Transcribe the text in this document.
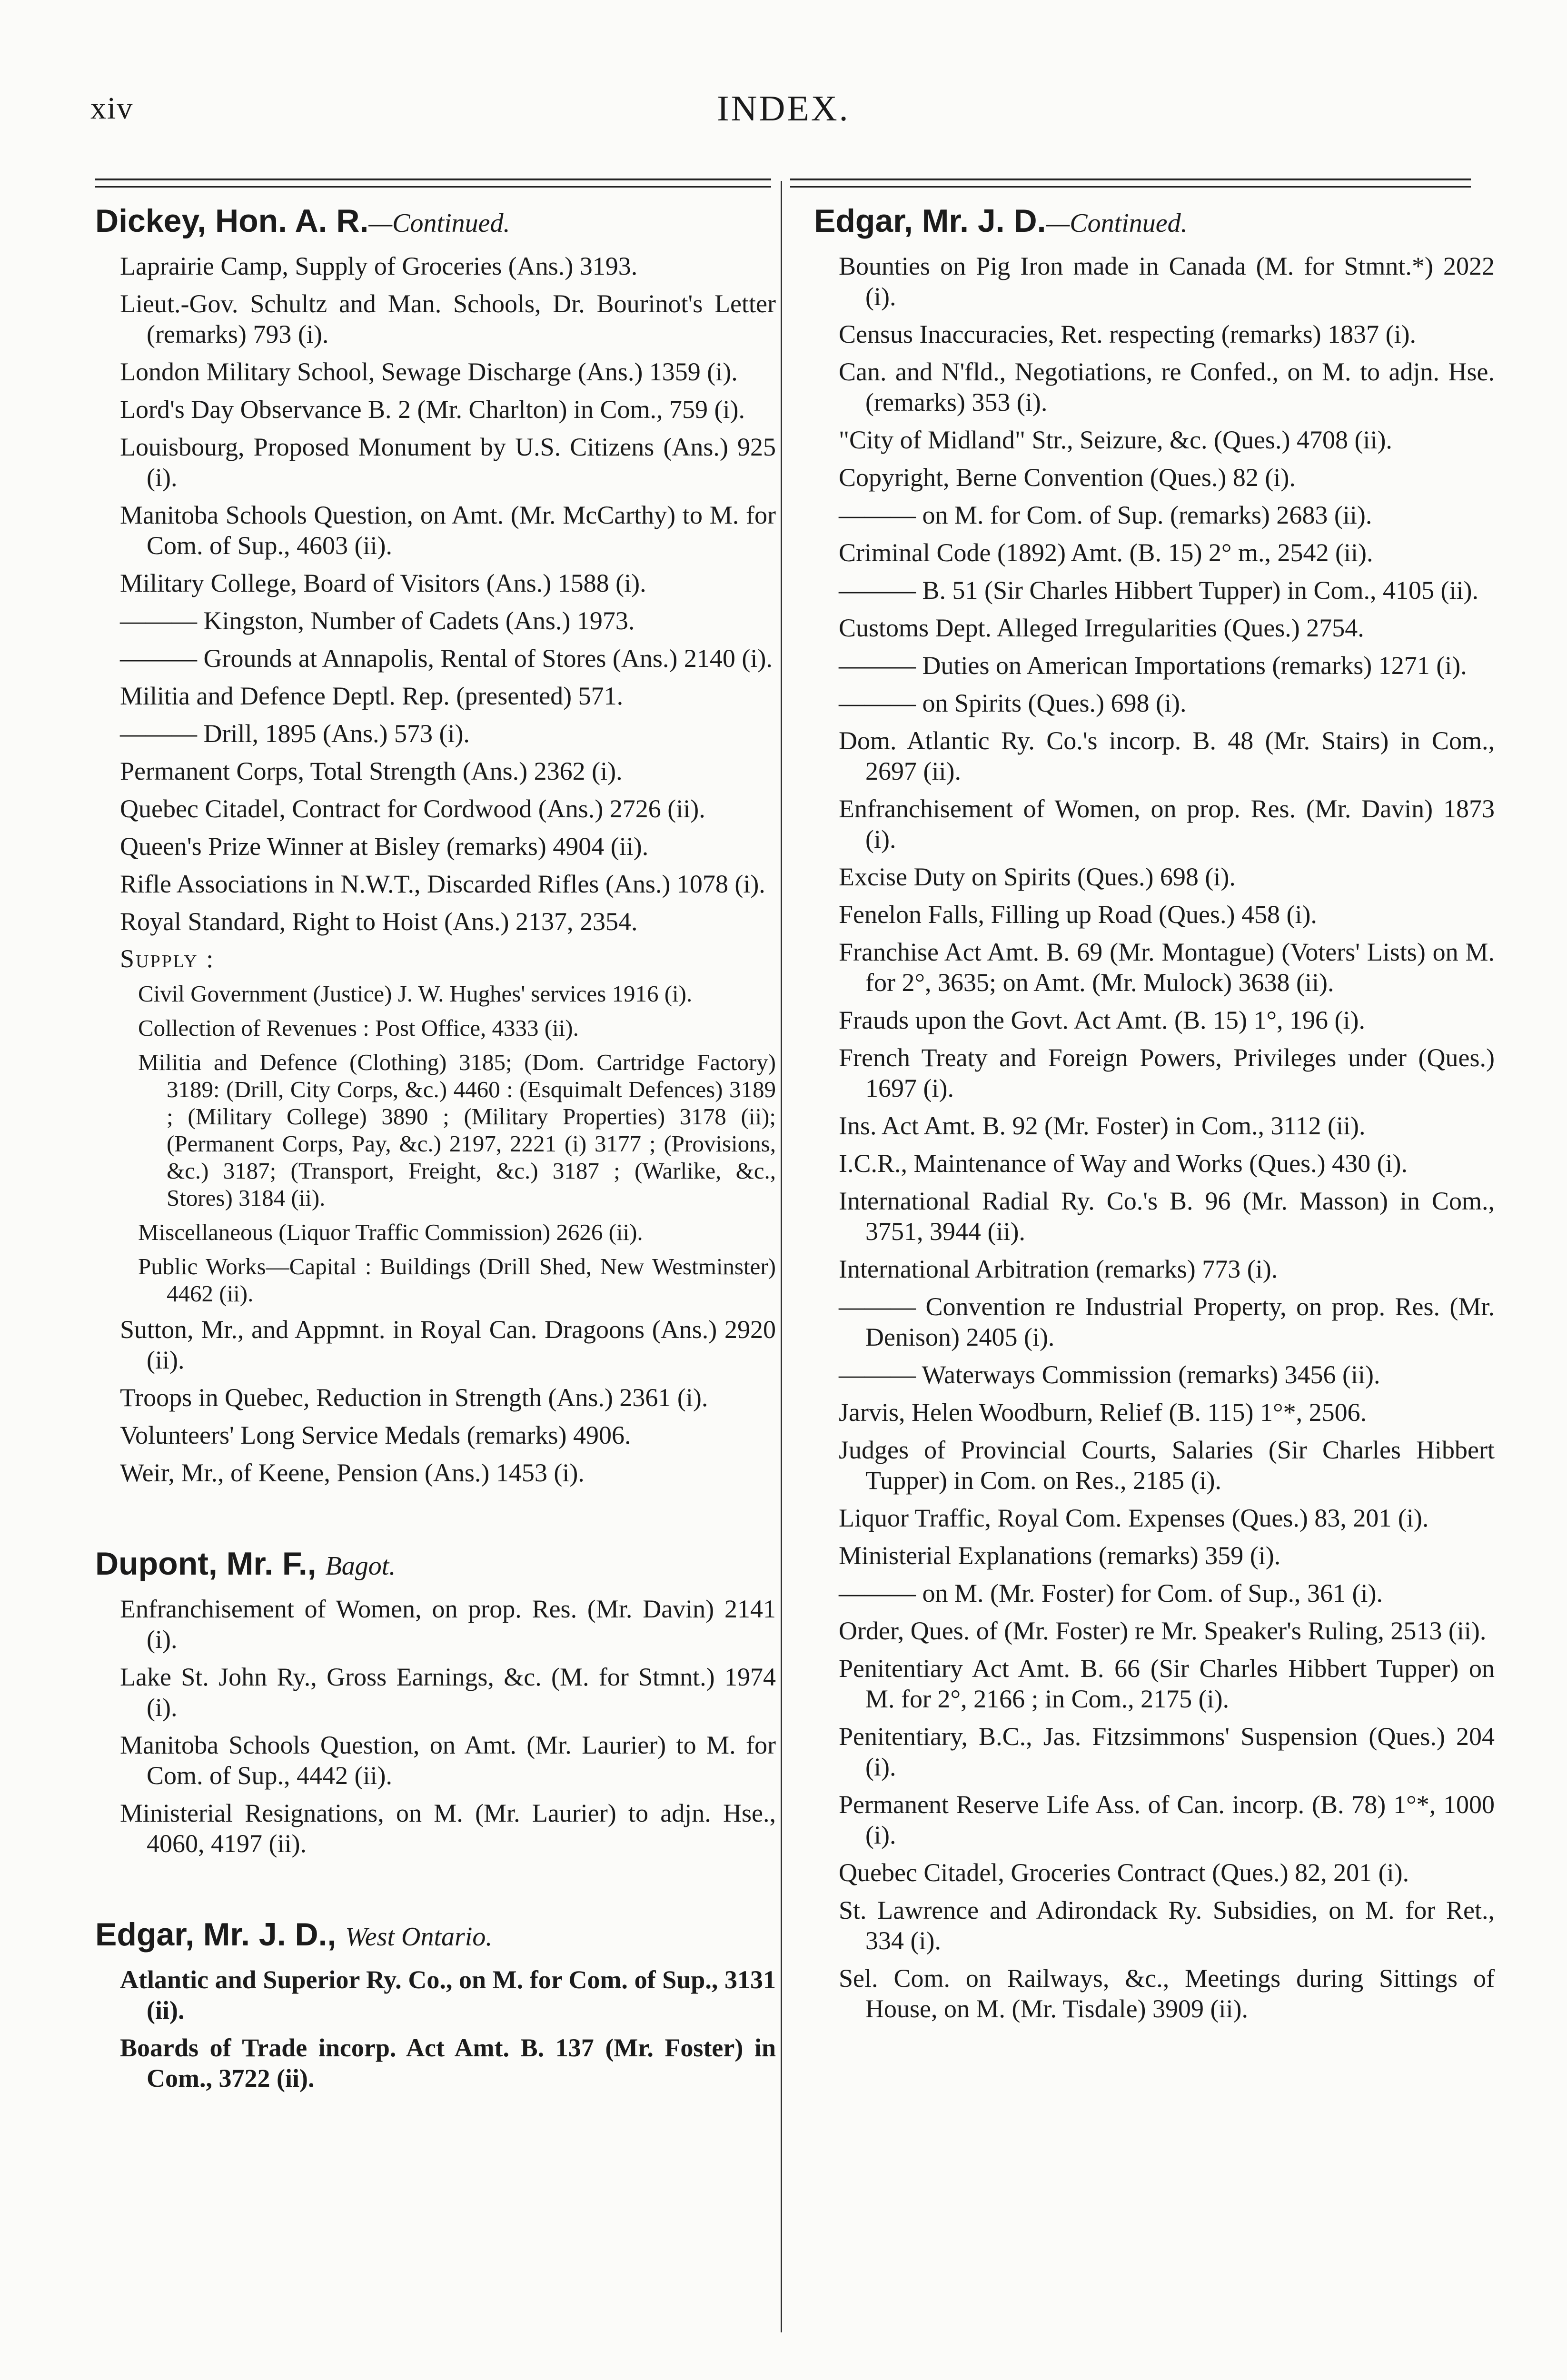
xiv	INDEX.
Dickey, Hon. A. R.—Continued.
Laprairie Camp, Supply of Groceries (Ans.) 3193.
Lieut.-Gov. Schultz and Man. Schools, Dr. Bourinot's Letter (remarks) 793 (i).
London Military School, Sewage Discharge (Ans.) 1359 (i).
Lord's Day Observance B. 2 (Mr. Charlton) in Com., 759 (i).
Louisbourg, Proposed Monument by U.S. Citizens (Ans.) 925 (i).
Manitoba Schools Question, on Amt. (Mr. McCarthy) to M. for Com. of Sup., 4603 (ii).
Military College, Board of Visitors (Ans.) 1588 (i).
——— Kingston, Number of Cadets (Ans.) 1973.
——— Grounds at Annapolis, Rental of Stores (Ans.) 2140 (i).
Militia and Defence Deptl. Rep. (presented) 571.
——— Drill, 1895 (Ans.) 573 (i).
Permanent Corps, Total Strength (Ans.) 2362 (i).
Quebec Citadel, Contract for Cordwood (Ans.) 2726 (ii).
Queen's Prize Winner at Bisley (remarks) 4904 (ii).
Rifle Associations in N.W.T., Discarded Rifles (Ans.) 1078 (i).
Royal Standard, Right to Hoist (Ans.) 2137, 2354.
Supply :
Civil Government (Justice) J. W. Hughes' services 1916 (i).
Collection of Revenues : Post Office, 4333 (ii).
Militia and Defence (Clothing) 3185; (Dom. Cartridge Factory) 3189: (Drill, City Corps, &c.) 4460 : (Esquimalt Defences) 3189 ; (Military College) 3890 ; (Military Properties) 3178 (ii); (Permanent Corps, Pay, &c.) 2197, 2221 (i) 3177 ; (Provisions, &c.) 3187; (Transport, Freight, &c.) 3187 ; (Warlike, &c., Stores) 3184 (ii).
Miscellaneous (Liquor Traffic Commission) 2626 (ii).
Public Works—Capital : Buildings (Drill Shed, New Westminster) 4462 (ii).
Sutton, Mr., and Appmnt. in Royal Can. Dragoons (Ans.) 2920 (ii).
Troops in Quebec, Reduction in Strength (Ans.) 2361 (i).
Volunteers' Long Service Medals (remarks) 4906.
Weir, Mr., of Keene, Pension (Ans.) 1453 (i).
Dupont, Mr. F., Bagot.
Enfranchisement of Women, on prop. Res. (Mr. Davin) 2141 (i).
Lake St. John Ry., Gross Earnings, &c. (M. for Stmnt.) 1974 (i).
Manitoba Schools Question, on Amt. (Mr. Laurier) to M. for Com. of Sup., 4442 (ii).
Ministerial Resignations, on M. (Mr. Laurier) to adjn. Hse., 4060, 4197 (ii).
Edgar, Mr. J. D., West Ontario.
Atlantic and Superior Ry. Co., on M. for Com. of Sup., 3131 (ii).
Boards of Trade incorp. Act Amt. B. 137 (Mr. Foster) in Com., 3722 (ii).
Edgar, Mr. J. D.—Continued.
Bounties on Pig Iron made in Canada (M. for Stmnt.*) 2022 (i).
Census Inaccuracies, Ret. respecting (remarks) 1837 (i).
Can. and N'fld., Negotiations, re Confed., on M. to adjn. Hse. (remarks) 353 (i).
"City of Midland" Str., Seizure, &c. (Ques.) 4708 (ii).
Copyright, Berne Convention (Ques.) 82 (i).
——— on M. for Com. of Sup. (remarks) 2683 (ii).
Criminal Code (1892) Amt. (B. 15) 2° m., 2542 (ii).
——— B. 51 (Sir Charles Hibbert Tupper) in Com., 4105 (ii).
Customs Dept. Alleged Irregularities (Ques.) 2754.
——— Duties on American Importations (remarks) 1271 (i).
——— on Spirits (Ques.) 698 (i).
Dom. Atlantic Ry. Co.'s incorp. B. 48 (Mr. Stairs) in Com., 2697 (ii).
Enfranchisement of Women, on prop. Res. (Mr. Davin) 1873 (i).
Excise Duty on Spirits (Ques.) 698 (i).
Fenelon Falls, Filling up Road (Ques.) 458 (i).
Franchise Act Amt. B. 69 (Mr. Montague) (Voters' Lists) on M. for 2°, 3635; on Amt. (Mr. Mulock) 3638 (ii).
Frauds upon the Govt. Act Amt. (B. 15) 1°, 196 (i).
French Treaty and Foreign Powers, Privileges under (Ques.) 1697 (i).
Ins. Act Amt. B. 92 (Mr. Foster) in Com., 3112 (ii).
I.C.R., Maintenance of Way and Works (Ques.) 430 (i).
International Radial Ry. Co.'s B. 96 (Mr. Masson) in Com., 3751, 3944 (ii).
International Arbitration (remarks) 773 (i).
——— Convention re Industrial Property, on prop. Res. (Mr. Denison) 2405 (i).
——— Waterways Commission (remarks) 3456 (ii).
Jarvis, Helen Woodburn, Relief (B. 115) 1°*, 2506.
Judges of Provincial Courts, Salaries (Sir Charles Hibbert Tupper) in Com. on Res., 2185 (i).
Liquor Traffic, Royal Com. Expenses (Ques.) 83, 201 (i).
Ministerial Explanations (remarks) 359 (i).
——— on M. (Mr. Foster) for Com. of Sup., 361 (i).
Order, Ques. of (Mr. Foster) re Mr. Speaker's Ruling, 2513 (ii).
Penitentiary Act Amt. B. 66 (Sir Charles Hibbert Tupper) on M. for 2°, 2166 ; in Com., 2175 (i).
Penitentiary, B.C., Jas. Fitzsimmons' Suspension (Ques.) 204 (i).
Permanent Reserve Life Ass. of Can. incorp. (B. 78) 1°*, 1000 (i).
Quebec Citadel, Groceries Contract (Ques.) 82, 201 (i).
St. Lawrence and Adirondack Ry. Subsidies, on M. for Ret., 334 (i).
Sel. Com. on Railways, &c., Meetings during Sittings of House, on M. (Mr. Tisdale) 3909 (ii).
